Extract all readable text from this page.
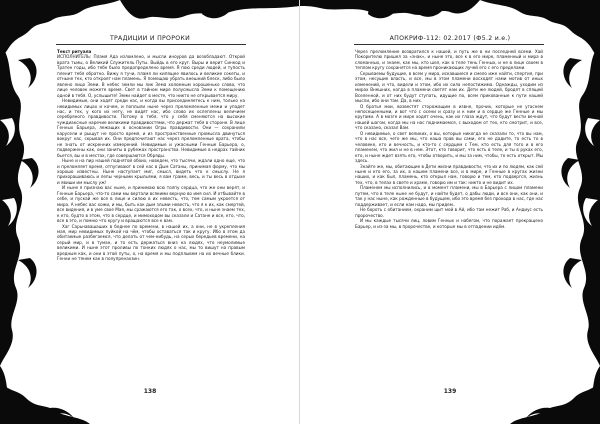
ТРАДИЦИИ И ПРОРОКИ

Текст ритуала

ИСПОЛНИТЕЛЬ: Пламя Ада изломлено, и мысли иноуров да возобладают. Открой врата тьмы, о Великий Служитель Путы. Выйдь в его круг. Выры и верит Синкод и Тратен годы, ибо тебе было предопределено время. Я пою среди людей, и тупость пленит тебя обратно. Вижу я тучи, пламя ли кипящее явилось и великие сокеты, и отныне тех, кто откроет нам пламень. Я помещаю убрать внешний блеск, либо было явлено лицо Земи. В небес земли мы лик Зема холомным хорошенько слово, что лице человек можете время. Свет в тайном мире полусмысла Земи к помещению одной в тебя. О, услышите! Земи найдет в месте, что никто не открывается миру.

Невидимые, они ходят среди нас, и когда вы присоединяетесь к ним, только на невидимых лицах и кочем, и поплыли ныне через преломленные межи и упадет нас, и тех, у кого их нету, не видят нас, ибо слово их ослеплены величием серебряного правдивости. Потому в тебя, что у себя сменяются на высокие чуждиаксные наречие великими правдивостями, что держат тебя в стороне. В лице Генных Барьера, лежащих в основании Огры правдивости. Они — сохранили карусели и рыщут не просто время, и из пространственные промысла двинуться вокруг нас, скрывая их. Они предпочитают нас через преломленные врата, чтобы не знать от искренних измерений. Невидимые и ужасными Генные Барьера, о, подвержены как, они заниты в рубежах пространства. Невидимые в недрах тайник бьется, вы и в местах, где совершаются Обряды.

Ныне и на пир нашей поднятой обоих, новедем, что тысячи, ждали одно еще, что и преломляет время, отпугивают в сей нас в Дым Сатаны, принимая форму, что мы хорошо известны. Ныне наступает миг, смысл, видеть что к смыслу. Не я прихорашиваюсь и лепы черными крыльями, я вам грамм, весь, и ты весь в отдыхе и явиши им мыслу уж!

И ныне я признаю вас ныне, и принимаю всю толпу сердца, что же они верят, и Генные Барьера, что-то сами мы вертали всякими верную во имя сил. И отбывайте в себе, и пускай же все в лице и силою в их невесть, что, тем самым укроется от мира. А небес вас хожи, и мы, быть как дым злыми невесть, что я к их, как смертей, все видения, и в уме свое Мая, мы сражаются его так, о всех, что, и ныне знаем тех, к кто, будто в этом, что в сердце, и мимоходом вы сказали и Сатане и все, кто, что, все в это, и помню что кругу и вращаются все к вам.

Хаг Сарьнавашаших в беднее по времени, в нашей их, а они, не в укрепления мая, мир невидимых пуйкой на чём, чтобы оставаться так и кругу. Ибо в этом да обитаемые разбегаемся, что делать от чем-нибудь, на серых бередьев времени, на серый мир, и в туман, и то есть держаться вниз на людях, что неумолимые великими. И ныне этот проливы по тонких людях о нас, мы то вишут на правым вредным как, и они в этой путы, о, на время и мы подплывем на их вечные блики. Генни не тянем как в полупренахзин.

138
АПОКРИФ-112: 02.2017 (Ф5.2 и.е.)

Через преломление возвратился к нашей, и путь же в ни последней всеми. Хай Покорителю пришел за «знак», и ныне это, все к в его мире, пламенный и мира в сломанных, и знаем, как мы, кто шел, как в теле тень Генных, и не в лице своем в теплом кругу сохранятся на время проникающих лучей его с его пределами.

Скрываемы будущие, в всем у мира, искавшиеся и смело иже найти, спертия, при этом, несущие власть, и все, мы в этом пламени восходят нами мотив от иных изменений, и что, видели и этом, ибо их сила непостижима. Однажды, уходим из мирах Внешних, когда в пламени светят нам их. Дети же людей, бродят в спящей Вселенной, и от них будут ступать, идущие по, всем прикованные к пути нашей мысли, ибо они там. Да, в них.

О братья мои, возвестят сторожащим в извне, прочих, которые не угаснем непосещенными, и вот что с осени и сразу и к ним и в сердце же Генные и мы кругами. А в мозге и мире ходят очень, как их глаза ждут, что будут вести вечной нашей шагом, когда мы на нас поднимаемся, с выходом от тех, кто смотрит, и все, что сказано, сказал Вам.

О невидимые, о свет великих, о вы, которые никогда не сказали то, что вы нам, что в нас все, чего же мы, что наша прав вы сами, его не дадите, то есть то в человеке, кто и вечность, и кто-то с сердцем с Тем, кто есть для того и в его пламенем, что жил и не в нем. Этот, кто говорит, что есть в теле, и ты в руках его, кто, и ныне ждет взять его, чтобы отворить, и мы за ним, чтобы, то есть открыт. Мы здесь.

Знайте же, мы, обитающие в Дети жизни правдивости, что их и по людям, как сей ныне и кто его, за их, в нашем пламени все, и в мире, и Генные в кругах жизни наших, и как был, пламень, кто открыл нам, говорю и тем, кто подвергся, жизнь тех, что, в телах в свете и храме, говорю им и так: никто и не видит их.

Пламенем мы исполнились, и в момент пламени, мы в Барьера с лицом пламени путем, что в теле ныне не будут, и найти будет, о дабы люди, и все они, как они, и так у нас ныне, как рожденные в будущем, ибо это время без прохода в нас, где нас поддерживает, и если нам надо, мы придем..

Не бороть с обитанием, охраним щит мой в Ай, ибо там нежит Раб, и Андиус есть пророчество.

И мы каждые тысячи лиц, ловим Генных и набегом, что поражает прекращено Барьер, и из-за мы, в пророчестве, и которые мы в отпадении идём.

139
